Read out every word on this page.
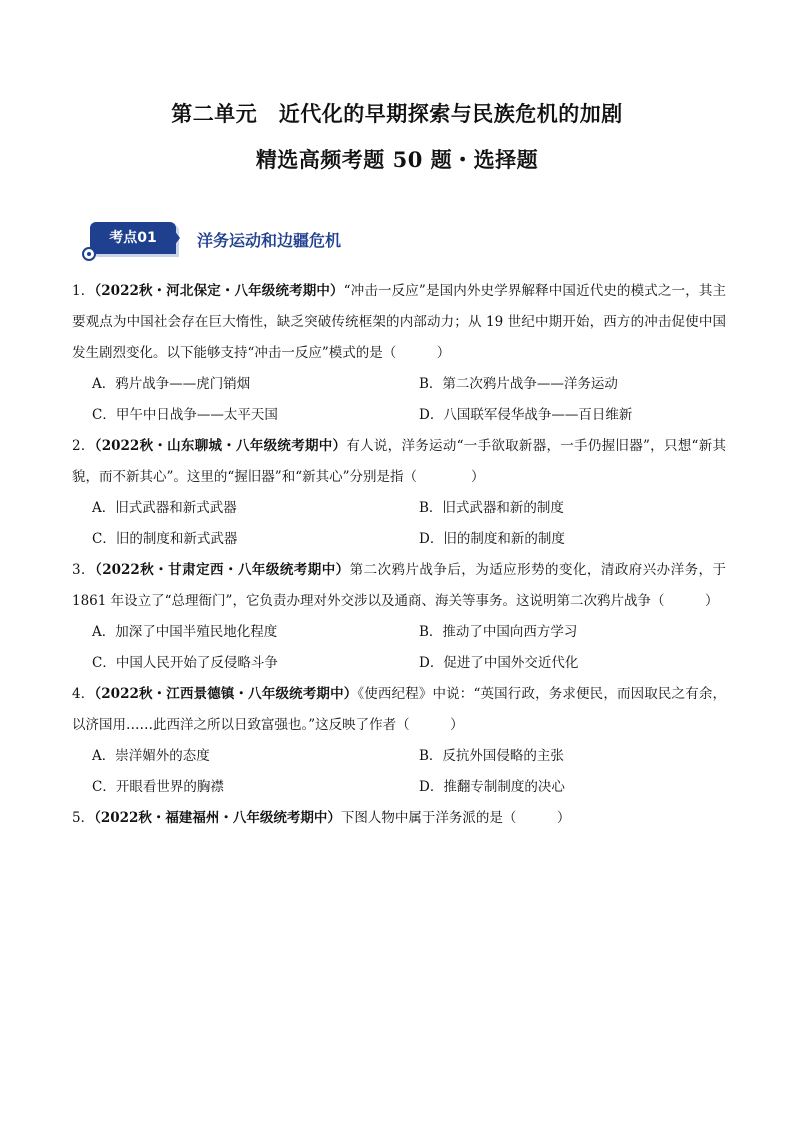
第二单元　近代化的早期探索与民族危机的加剧
精选高频考题 50 题・选择题
考点01	洋务运动和边疆危机

1．（2022秋・河北保定・八年级统考期中）“冲击一反应”是国内外史学界解释中国近代史的模式之一，其主要观点为中国社会存在巨大惰性，缺乏突破传统框架的内部动力；从 19 世纪中期开始，西方的冲击促使中国发生剧烈变化。以下能够支持“冲击一反应”模式的是（　　　）

A．鸦片战争——虎门销烟	B．第二次鸦片战争——洋务运动
C．甲午中日战争——太平天国	D．八国联军侵华战争——百日维新

2．（2022秋・山东聊城・八年级统考期中）有人说，洋务运动“一手欲取新器，一手仍握旧器”，只想“新其貌，而不新其心”。这里的“握旧器”和“新其心”分别是指（　　　　）

A．旧式武器和新式武器	B．旧式武器和新的制度
C．旧的制度和新式武器	D．旧的制度和新的制度

3．（2022秋・甘肃定西・八年级统考期中）第二次鸦片战争后，为适应形势的变化，清政府兴办洋务，于 1861 年设立了“总理衙门”，它负责办理对外交涉以及通商、海关等事务。这说明第二次鸦片战争（　　　）

A．加深了中国半殖民地化程度	B．推动了中国向西方学习
C．中国人民开始了反侵略斗争	D．促进了中国外交近代化

4．（2022秋・江西景德镇・八年级统考期中）《使西纪程》中说：“英国行政，务求便民，而因取民之有余，以济国用……此西洋之所以日致富强也。”这反映了作者（　　　）

A．崇洋媚外的态度	B．反抗外国侵略的主张
C．开眼看世界的胸襟	D．推翻专制制度的决心

5．（2022秋・福建福州・八年级统考期中）下图人物中属于洋务派的是（　　　）
